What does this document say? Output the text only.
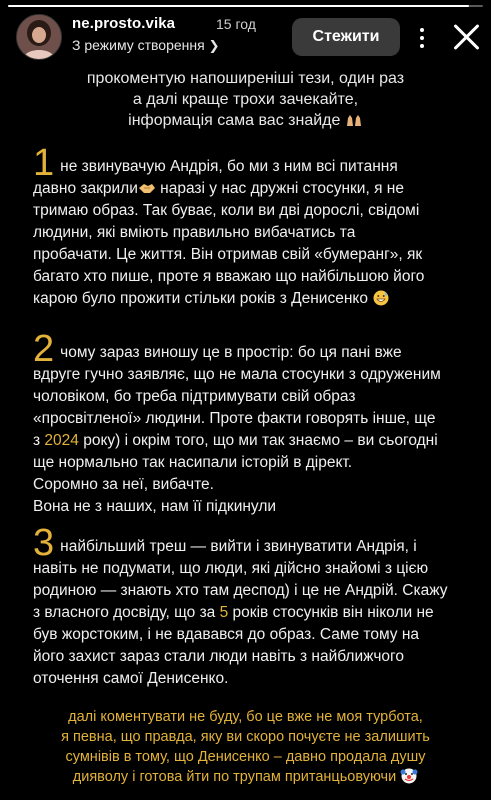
ne.prosto.vika	15 год
З режиму створення ❯
Стежити
прокоментую напоширеніші тези, один раз
а далі краще трохи зачекайте,
інформація сама вас знайде
1 не звинувачую Андрія, бо ми з ним всі питання
давно закрили наразі у нас дружні стосунки, я не
тримаю образ. Так буває, коли ви дві дорослі, свідомі
людини, які вміють правильно вибачатись та
пробачати. Це життя. Він отримав свій «бумеранг», як
багато хто пише, проте я вважаю що найбільшою його
карою було прожити стільки років з Денисенко
2 чому зараз виношу це в простір: бо ця пані вже
вдруге гучно заявляє, що не мала стосунки з одруженим
чоловіком, бо треба підтримувати свій образ
«просвітленої» людини. Проте факти говорять інше, ще
з 2024 року) і окрім того, що ми так знаємо – ви сьогодні
ще нормально так насипали історій в дірект.
Соромно за неї, вибачте.
Вона не з наших, нам її підкинули
3 найбільший треш — вийти і звинуватити Андрія, і
навіть не подумати, що люди, які дійсно знайомі з цією
родиною — знають хто там деспод) і це не Андрій. Скажу
з власного досвіду, що за 5 років стосунків він ніколи не
був жорстоким, і не вдавався до образ. Саме тому на
його захист зараз стали люди навіть з найближчого
оточення самої Денисенко.
далі коментувати не буду, бо це вже не моя турбота,
я певна, що правда, яку ви скоро почуєте не залишить
сумнівів в тому, що Денисенко – давно продала душу
дияволу і готова йти по трупам пританцьовуючи
